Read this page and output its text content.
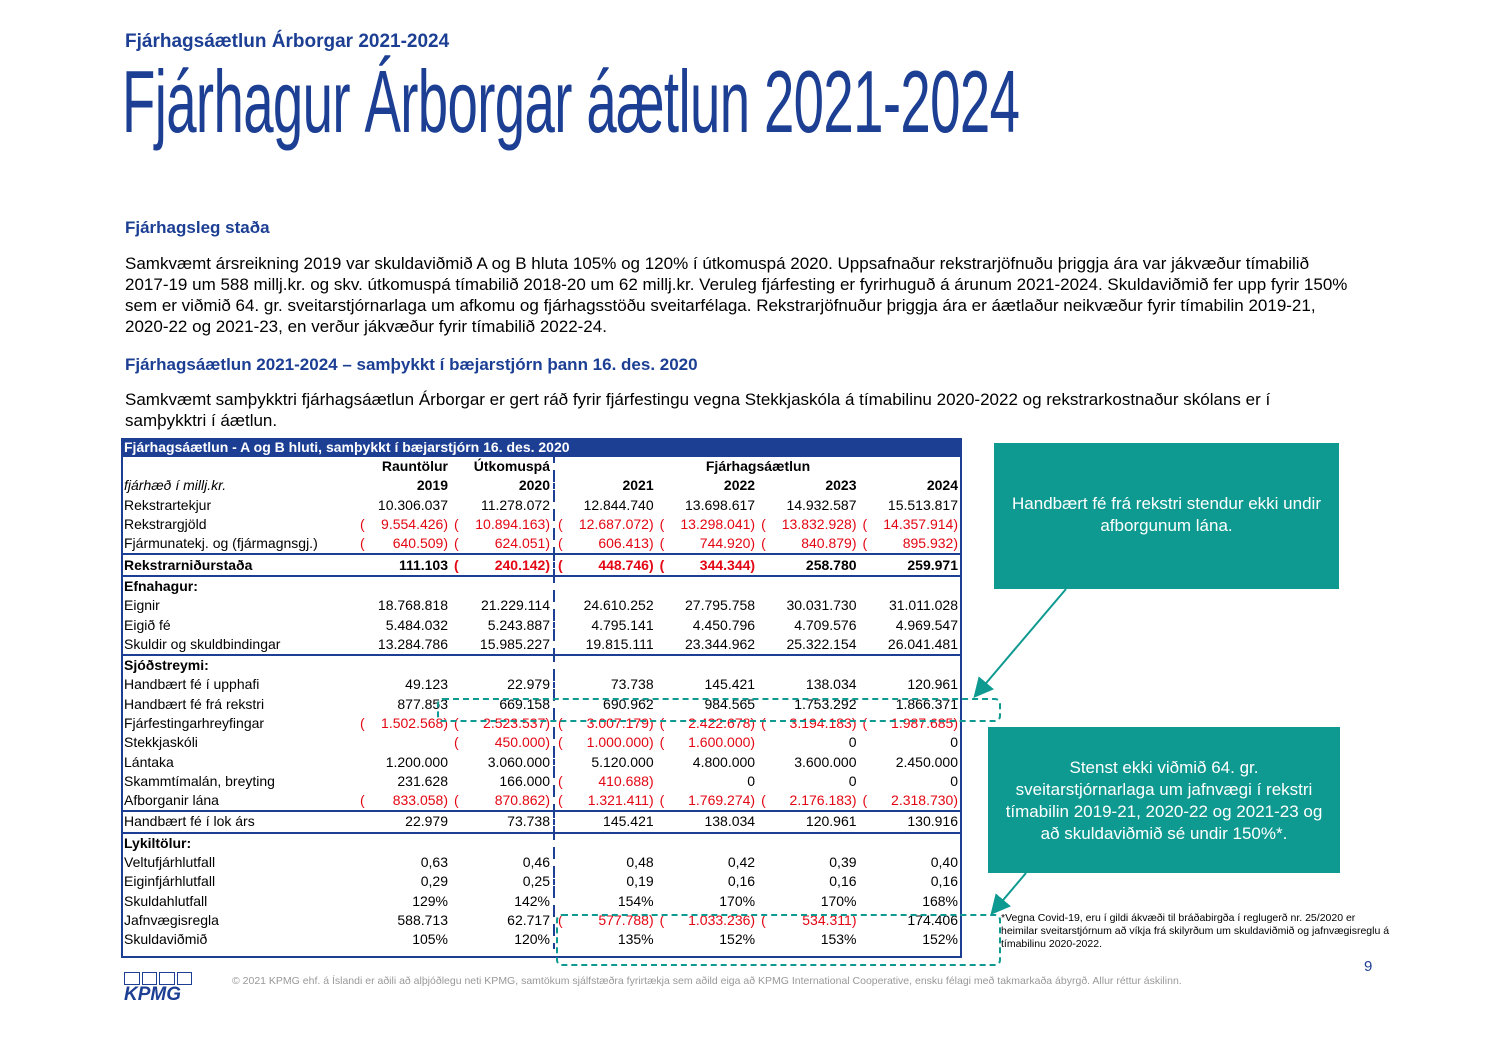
Fjárhagsáætlun Árborgar 2021-2024
Fjárhagur Árborgar áætlun 2021-2024
Fjárhagsleg staða
Samkvæmt ársreikning 2019 var skuldaviðmið A og B hluta 105% og 120% í útkomuspá 2020. Uppsafnaður rekstrarjöfnuðu þriggja ára var jákvæður tímabilið 2017-19 um 588 millj.kr. og skv. útkomuspá tímabilið 2018-20 um 62 millj.kr. Veruleg fjárfesting er fyrirhuguð á árunum 2021-2024. Skuldaviðmið fer upp fyrir 150% sem er viðmið 64. gr. sveitarstjórnarlaga um afkomu og fjárhagsstöðu sveitarfélaga. Rekstrarjöfnuður þriggja ára er áætlaður neikvæður fyrir tímabilin 2019-21, 2020-22 og 2021-23, en verður jákvæður fyrir tímabilið 2022-24.
Fjárhagsáætlun 2021-2024 – samþykkt í bæjarstjórn þann 16. des. 2020
Samkvæmt samþykktri fjárhagsáætlun Árborgar er gert ráð fyrir fjárfestingu vegna Stekkjaskóla á tímabilinu 2020-2022 og rekstrarkostnaður skólans er í samþykktri í áætlun.
Fjárhagsáætlun - A og B hluti, samþykkt í bæjarstjórn 16. des. 2020						
	Rauntölur	Útkomuspá	Fjárhagsáætlun			
fjárhæð í millj.kr.	2019	2020	2021	2022	2023	2024
Rekstrartekjur	10.306.037	11.278.072	12.844.740	13.698.617	14.932.587	15.513.817
Rekstrargjöld	( 9.554.426)	( 10.894.163)	( 12.687.072)	( 13.298.041)	( 13.832.928)	( 14.357.914)

Fjármunatekj. og (fjármagnsgj.)	( 640.509)	( 624.051)	( 606.413)	( 744.920)	( 840.879)	( 895.932)

Rekstrarniðurstaða	111.103	( 240.142)	( 448.746)	( 344.344)	258.780	259.971
Efnahagur:						
Eignir	18.768.818	21.229.114	24.610.252	27.795.758	30.031.730	31.011.028
Eigið fé	5.484.032	5.243.887	4.795.141	4.450.796	4.709.576	4.969.547
Skuldir og skuldbindingar	13.284.786	15.985.227	19.815.111	23.344.962	25.322.154	26.041.481
Sjóðstreymi:						
Handbært fé í upphafi	49.123	22.979	73.738	145.421	138.034	120.961
Handbært fé frá rekstri	877.853	669.158	690.962	984.565	1.753.292	1.866.371
Fjárfestingarhreyfingar	( 1.502.568)	( 2.523.537)	( 3.007.179)	( 2.422.678)	( 3.194.183)	( 1.987.685)

Stekkjaskóli		( 450.000)	( 1.000.000)	( 1.600.000)	0	0
Lántaka	1.200.000	3.060.000	5.120.000	4.800.000	3.600.000	2.450.000
Skammtímalán, breyting	231.628	166.000	( 410.688)	0	0	0
Afborganir lána	( 833.058)	( 870.862)	( 1.321.411)	( 1.769.274)	( 2.176.183)	( 2.318.730)

Handbært fé í lok árs	22.979	73.738	145.421	138.034	120.961	130.916
Lykiltölur:						
Veltufjárhlutfall	0,63	0,46	0,48	0,42	0,39	0,40
Eiginfjárhlutfall	0,29	0,25	0,19	0,16	0,16	0,16
Skuldahlutfall	129%	142%	154%	170%	170%	168%
Jafnvægisregla	588.713	62.717	( 577.788)	( 1.033.236)	( 534.311)	174.406
Skuldaviðmið	105%	120%	135%	152%	153%	152%
Handbært fé frá rekstri stendur ekki undir afborgunum lána.
Stenst ekki viðmið 64. gr. sveitarstjórnarlaga um jafnvægi í rekstri tímabilin 2019-21, 2020-22 og 2021-23 og að skuldaviðmið sé undir 150%*.
*Vegna Covid-19, eru í gildi ákvæði til bráðabirgða í reglugerð nr. 25/2020 er heimilar sveitarstjórnum að víkja frá skilyrðum um skuldaviðmið og jafnvægisreglu á tímabilinu 2020-2022.
9
KPMG
© 2021 KPMG ehf. á Íslandi er aðili að alþjóðlegu neti KPMG, samtökum sjálfstæðra fyrirtækja sem aðild eiga að KPMG International Cooperative, ensku félagi með takmarkaða ábyrgð. Allur réttur áskilinn.
